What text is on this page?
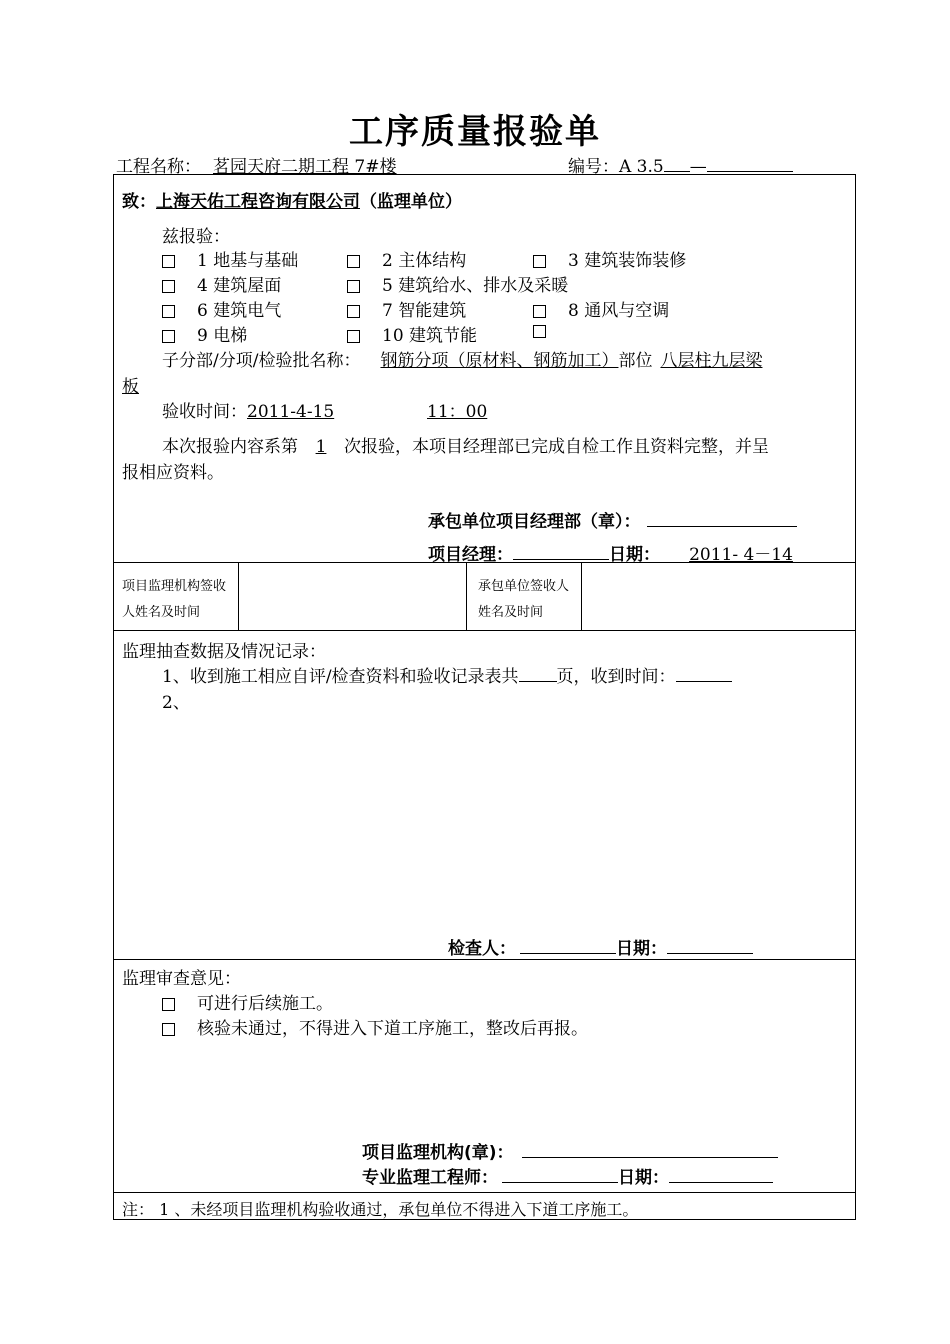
工序质量报验单
工程名称： 茗园天府二期工程 7#楼	编号：A 3.5 —
致：上海天佑工程咨询有限公司（监理单位）
兹报验：
1 地基与基础	2 主体结构	3 建筑装饰装修
4 建筑屋面	5 建筑给水、排水及采暖
6 建筑电气	7 智能建筑	8 通风与空调
9 电梯	10 建筑节能
子分部/分项/检验批名称： 钢筋分项（原材料、钢筋加工）部位 八层柱九层梁
板
验收时间：2011-4-15	11：00
本次报验内容系第 1 次报验，本项目经理部已完成自检工作且资料完整，并呈
报相应资料。
承包单位项目经理部（章）：
项目经理：	日期： 2011- 4－14
项目监理机构签收人姓名及时间
承包单位签收人姓名及时间
监理抽查数据及情况记录：
1、收到施工相应自评/检查资料和验收记录表共 页，收到时间：
2、
检查人：	日期：
监理审查意见：
可进行后续施工。
核验未通过，不得进入下道工序施工，整改后再报。
项目监理机构(章)：
专业监理工程师：	日期：
注： 1 、未经项目监理机构验收通过，承包单位不得进入下道工序施工。
